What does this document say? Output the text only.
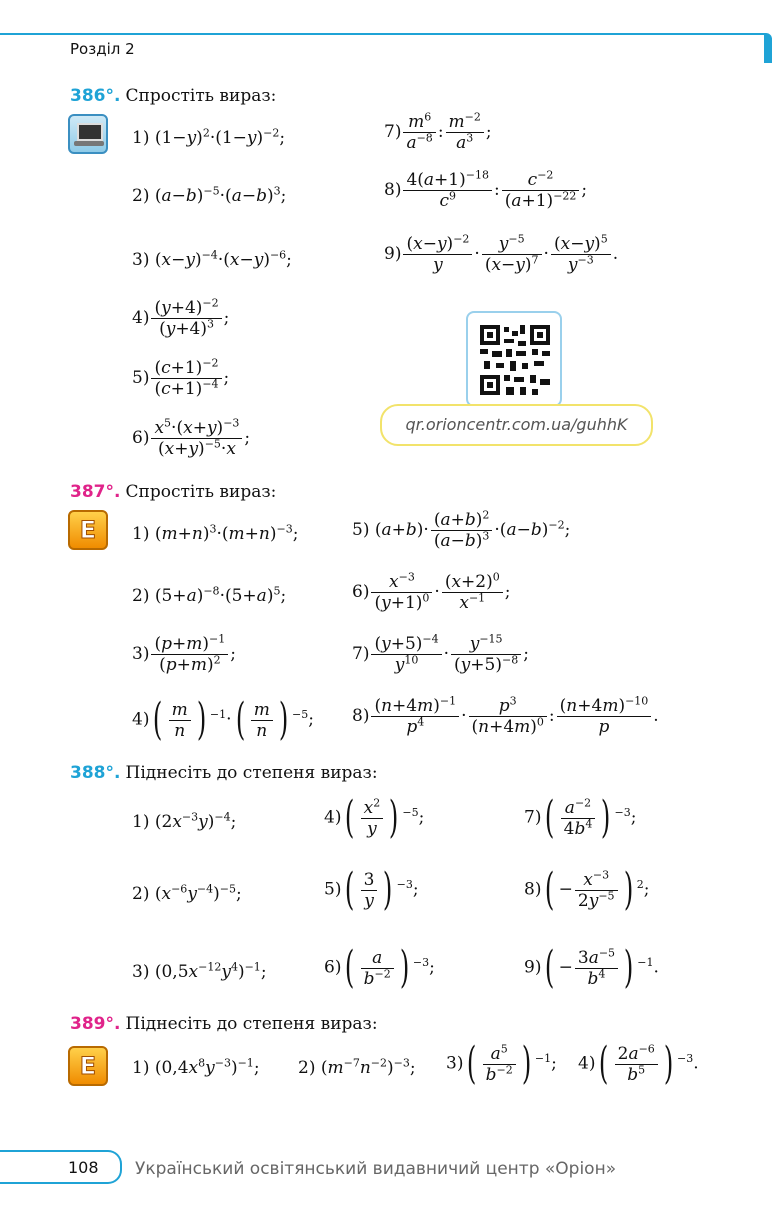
Розділ 2
386°. Спростіть вираз:
1) $(1-y)^2\cdot(1-y)^{-2}$;
2) $(a-b)^{-5}\cdot(a-b)^3$;
3) $(x-y)^{-4}\cdot(x-y)^{-6}$;
$4) \frac{(y+4)^{-2}}{(y+4)^3}$ ;
$5) \frac{(c+1)^{-2}}{(c+1)^{-4}}$ ;
$6) \frac{x^5\cdot(x+y)^{-3}}{(x+y)^{-5}\cdot x}$ ;
$7) \frac{m^6}{a^{-8}}$ : $\frac{m^{-2}}{a^3}$ ;
$8) \frac{4(a+1)^{-18}}{c^9}$ : $\frac{c^{-2}}{(a+1)^{-22}}$ ;
$9) \frac{(x-y)^{-2}}{y} \cdot \frac{y^{-5}}{(x-y)^7} \cdot \frac{(x-y)^5}{y^{-3}}$ .
qr.orioncentr.com.ua/guhhK
387°. Спростіть вираз:
E	1) $(m+n)^3\cdot(m+n)^{-3}$;
2) $(5+a)^{-8}\cdot(5+a)^5$;
$3) \frac{(p+m)^{-1}}{(p+m)^2}$ ;
$4)( \frac{m}{n}$ ) $^{-1}\cdot( \frac{m}{n}$ ) $^{-5}$;
5) $(a+b)\cdot \frac{(a+b)^2}{(a-b)^3} \cdot(a-b)^{-2}$;
$6) \frac{x^{-3}}{(y+1)^0} \cdot \frac{(x+2)^0}{x^{-1}}$ ;
$7) \frac{(y+5)^{-4}}{y^{10}} \cdot \frac{y^{-15}}{(y+5)^{-8}}$ ;
$8) \frac{(n+4m)^{-1}}{p^4} \cdot \frac{p^3}{(n+4m)^0}$ : $\frac{(n+4m)^{-10}}{p}$ .
388°. Піднесіть до степеня вираз:
1) $(2x^{-3}y)^{-4}$;
2) $(x^{-6}y^{-4})^{-5}$;
3) $(0,5x^{-12}y^4)^{-1}$;
$4)( \frac{x^2}{y}$ ) $^{-5}$;
$5)( \frac{3}{y}$ ) $^{-3}$;
$6)( \frac{a}{b^{-2}}$ ) $^{-3}$;
$7)( \frac{a^{-2}}{4b^4}$ ) $^{-3}$;
$8)( - \frac{x^{-3}}{2y^{-5}}$ ) $^2$;
$9)( - \frac{3a^{-5}}{b^4}$ ) $^{-1}$.
389°. Піднесіть до степеня вираз:
E	1) $(0,4x^8y^{-3})^{-1}$; 2) $(m^{-7}n^{-2})^{-3}$; $3)( \frac{a^5}{b^{-2}}$ ) $^{-1}$; $4)( \frac{2a^{-6}}{b^5}$ ) $^{-3}$.
108 Український освітянський видавничий центр «Оріон»
